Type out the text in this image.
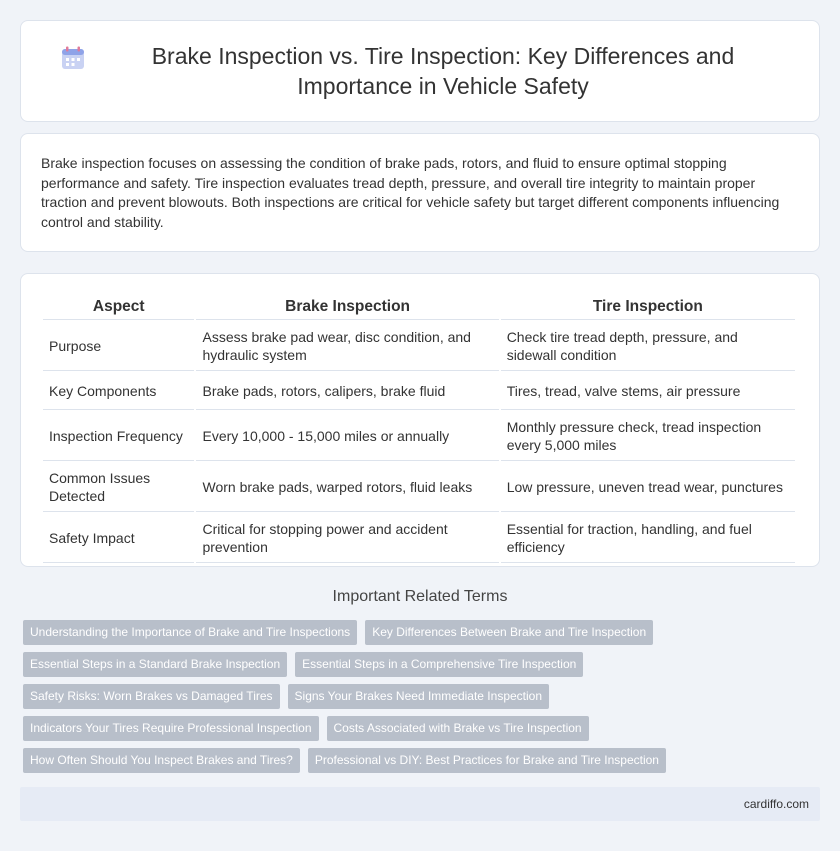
Brake Inspection vs. Tire Inspection: Key Differences and Importance in Vehicle Safety

Brake inspection focuses on assessing the condition of brake pads, rotors, and fluid to ensure optimal stopping performance and safety. Tire inspection evaluates tread depth, pressure, and overall tire integrity to maintain proper traction and prevent blowouts. Both inspections are critical for vehicle safety but target different components influencing control and stability.

Aspect	Brake Inspection	Tire Inspection
Purpose	Assess brake pad wear, disc condition, and hydraulic system	Check tire tread depth, pressure, and sidewall condition
Key Components	Brake pads, rotors, calipers, brake fluid	Tires, tread, valve stems, air pressure
Inspection Frequency	Every 10,000 - 15,000 miles or annually	Monthly pressure check, tread inspection every 5,000 miles
Common Issues Detected	Worn brake pads, warped rotors, fluid leaks	Low pressure, uneven tread wear, punctures
Safety Impact	Critical for stopping power and accident prevention	Essential for traction, handling, and fuel efficiency
Important Related Terms
Understanding the Importance of Brake and Tire Inspections	Key Differences Between Brake and Tire Inspection
Essential Steps in a Standard Brake Inspection	Essential Steps in a Comprehensive Tire Inspection
Safety Risks: Worn Brakes vs Damaged Tires	Signs Your Brakes Need Immediate Inspection
Indicators Your Tires Require Professional Inspection	Costs Associated with Brake vs Tire Inspection
How Often Should You Inspect Brakes and Tires?	Professional vs DIY: Best Practices for Brake and Tire Inspection
cardiffo.com
